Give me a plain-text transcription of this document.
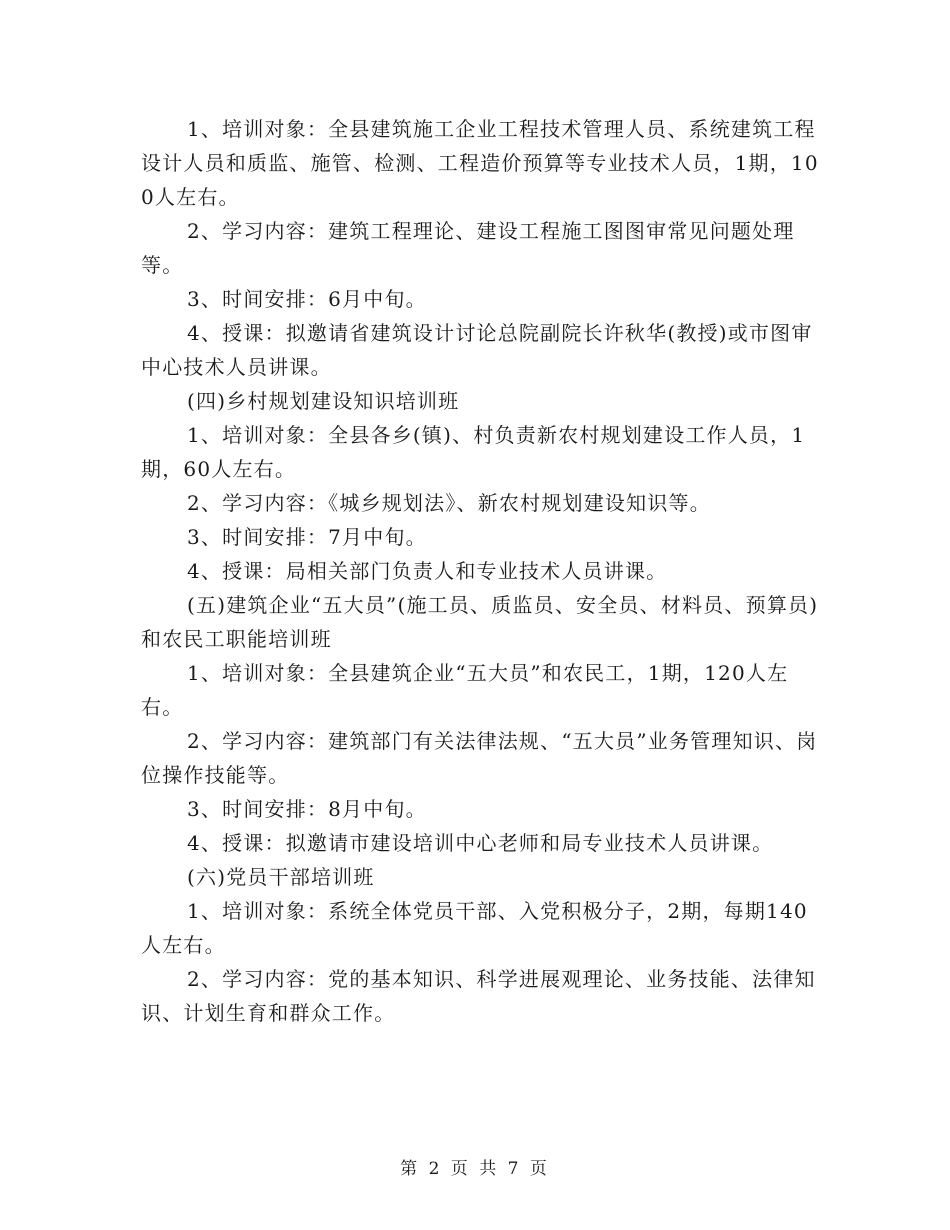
1、培训对象：全县建筑施工企业工程技术管理人员、系统建筑工程设计人员和质监、施管、检测、工程造价预算等专业技术人员，1期，100人左右。

2、学习内容：建筑工程理论、建设工程施工图图审常见问题处理等。

3、时间安排：6月中旬。

4、授课：拟邀请省建筑设计讨论总院副院长许秋华(教授)或市图审中心技术人员讲课。

(四)乡村规划建设知识培训班

1、培训对象：全县各乡(镇)、村负责新农村规划建设工作人员，1期，60人左右。

2、学习内容：《城乡规划法》、新农村规划建设知识等。

3、时间安排：7月中旬。

4、授课：局相关部门负责人和专业技术人员讲课。

(五)建筑企业“五大员”(施工员、质监员、安全员、材料员、预算员)和农民工职能培训班

1、培训对象：全县建筑企业“五大员”和农民工，1期，120人左右。

2、学习内容：建筑部门有关法律法规、“五大员”业务管理知识、岗位操作技能等。

3、时间安排：8月中旬。

4、授课：拟邀请市建设培训中心老师和局专业技术人员讲课。

(六)党员干部培训班

1、培训对象：系统全体党员干部、入党积极分子，2期，每期140人左右。

2、学习内容：党的基本知识、科学进展观理论、业务技能、法律知识、计划生育和群众工作。

第 2 页 共 7 页
